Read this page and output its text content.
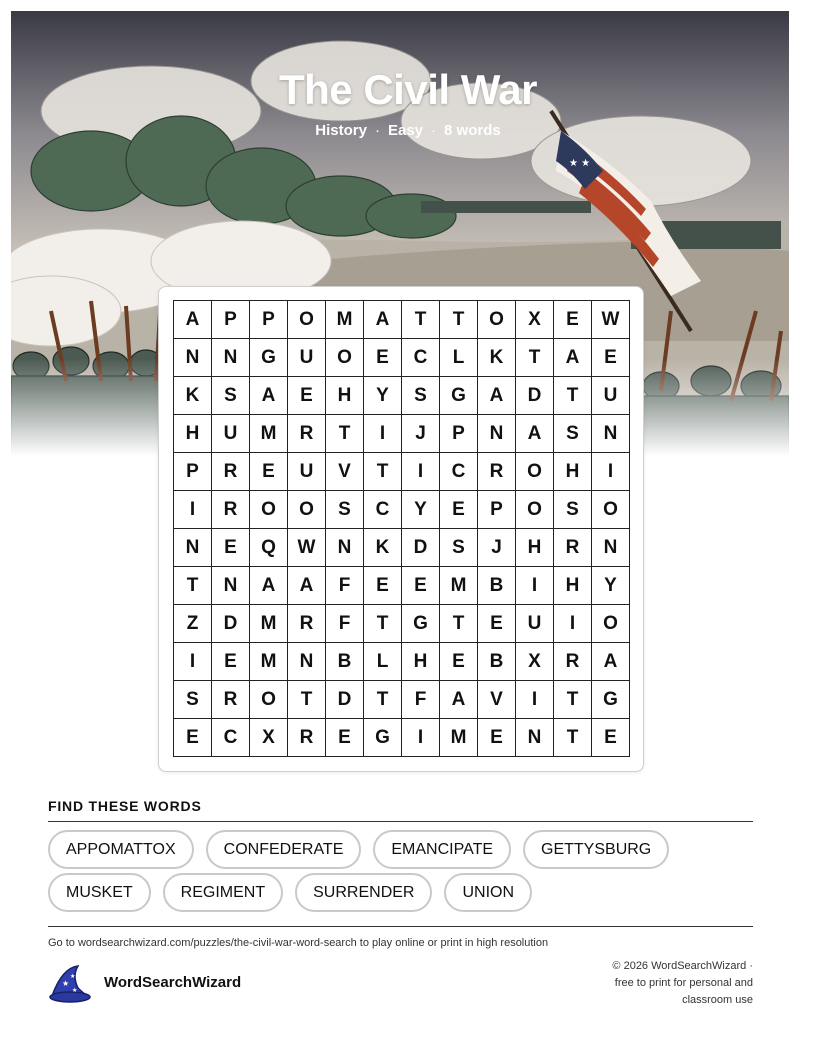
The Civil War
History · Easy · 8 words
A	P	P	O	M	A	T	T	O	X	E	W
N	N	G	U	O	E	C	L	K	T	A	E
K	S	A	E	H	Y	S	G	A	D	T	U
H	U	M	R	T	I	J	P	N	A	S	N
P	R	E	U	V	T	I	C	R	O	H	I
I	R	O	O	S	C	Y	E	P	O	S	O
N	E	Q	W	N	K	D	S	J	H	R	N
T	N	A	A	F	E	E	M	B	I	H	Y
Z	D	M	R	F	T	G	T	E	U	I	O
I	E	M	N	B	L	H	E	B	X	R	A
S	R	O	T	D	T	F	A	V	I	T	G
E	C	X	R	E	G	I	M	E	N	T	E
FIND THESE WORDS
APPOMATTOX	CONFEDERATE	EMANCIPATE	GETTYSBURG
MUSKET	REGIMENT	SURRENDER	UNION
Go to wordsearchwizard.com/puzzles/the-civil-war-word-search to play online or print in high resolution
★
★
★ WordSearchWizard
© 2026 WordSearchWizard ·
free to print for personal and
classroom use
